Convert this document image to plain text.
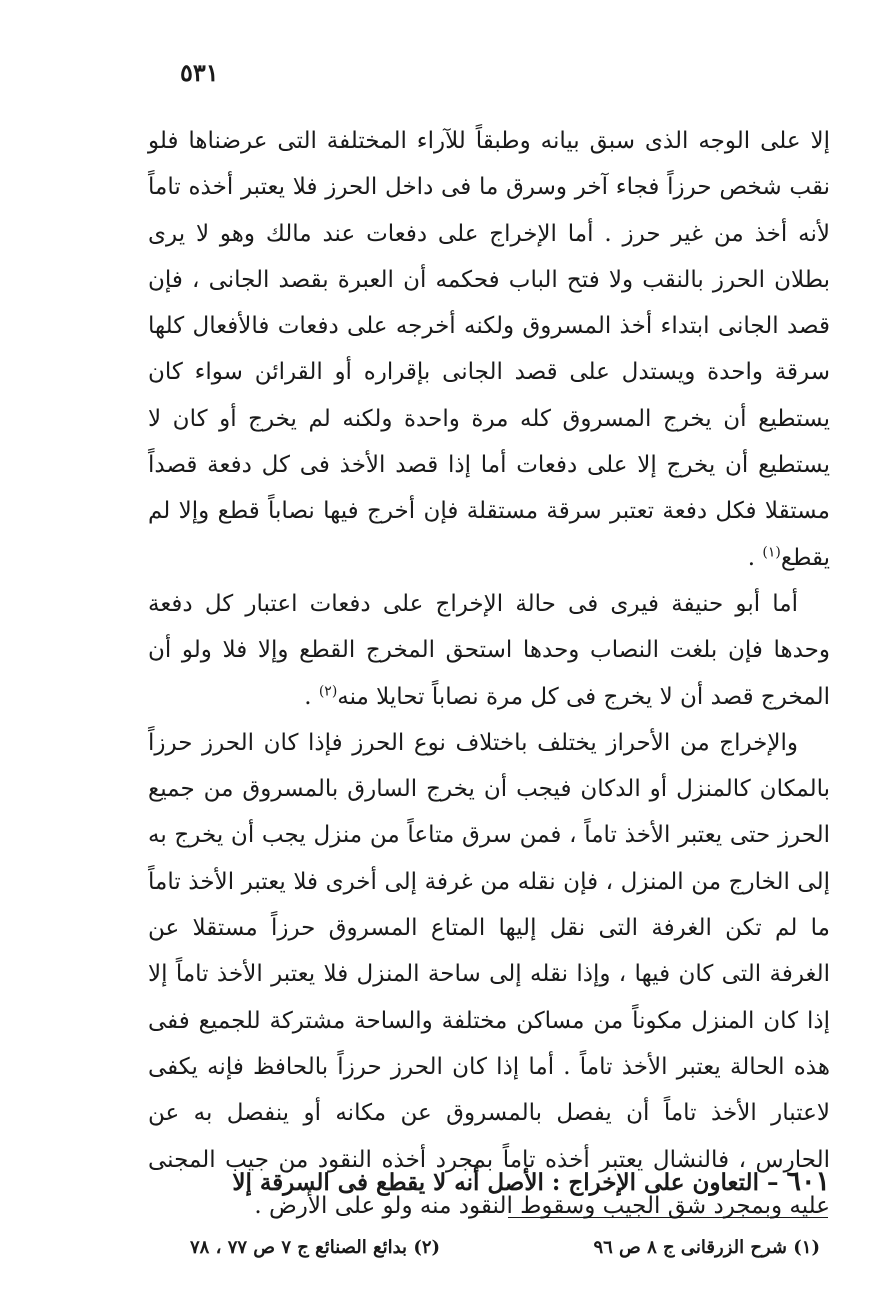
٥٣١

إلا على الوجه الذى سبق بيانه وطبقاً للآراء المختلفة التى عرضناها فلو نقب شخص حرزاً فجاء آخر وسرق ما فى داخل الحرز فلا يعتبر أخذه تاماً لأنه أخذ من غير حرز . أما الإخراج على دفعات عند مالك وهو لا يرى بطلان الحرز بالنقب ولا فتح الباب فحكمه أن العبرة بقصد الجانى ، فإن قصد الجانى ابتداء أخذ المسروق ولكنه أخرجه على دفعات فالأفعال كلها سرقة واحدة ويستدل على قصد الجانى بإقراره أو القرائن سواء كان يستطيع أن يخرج المسروق كله مرة واحدة ولكنه لم يخرج أو كان لا يستطيع أن يخرج إلا على دفعات أما إذا قصد الأخذ فى كل دفعة قصداً مستقلا فكل دفعة تعتبر سرقة مستقلة فإن أخرج فيها نصاباً قطع وإلا لم يقطع$^{(١)}$ .

أما أبو حنيفة فيرى فى حالة الإخراج على دفعات اعتبار كل دفعة وحدها فإن بلغت النصاب وحدها استحق المخرج القطع وإلا فلا ولو أن المخرج قصد أن لا يخرج فى كل مرة نصاباً تحايلا منه$^{(٢)}$ .

والإخراج من الأحراز يختلف باختلاف نوع الحرز فإذا كان الحرز حرزاً بالمكان كالمنزل أو الدكان فيجب أن يخرج السارق بالمسروق من جميع الحرز حتى يعتبر الأخذ تاماً ، فمن سرق متاعاً من منزل يجب أن يخرج به إلى الخارج من المنزل ، فإن نقله من غرفة إلى أخرى فلا يعتبر الأخذ تاماً ما لم تكن الغرفة التى نقل إليها المتاع المسروق حرزاً مستقلا عن الغرفة التى كان فيها ، وإذا نقله إلى ساحة المنزل فلا يعتبر الأخذ تاماً إلا إذا كان المنزل مكوناً من مساكن مختلفة والساحة مشتركة للجميع ففى هذه الحالة يعتبر الأخذ تاماً . أما إذا كان الحرز حرزاً بالحافظ فإنه يكفى لاعتبار الأخذ تاماً أن يفصل بالمسروق عن مكانه أو ينفصل به عن الحارس ، فالنشال يعتبر أخذه تاماً بمجرد أخذه النقود من جيب المجنى عليه وبمجرد شق الجيب وسقوط النقود منه ولو على الأرض .

٦٠١ – التعاون على الإخراج : الأصل أنه لا يقطع فى السرقة إلا
(١) شرح الزرقانى ج ٨ ص ٩٦
(٢) بدائع الصنائع ج ٧ ص ٧٧ ، ٧٨
